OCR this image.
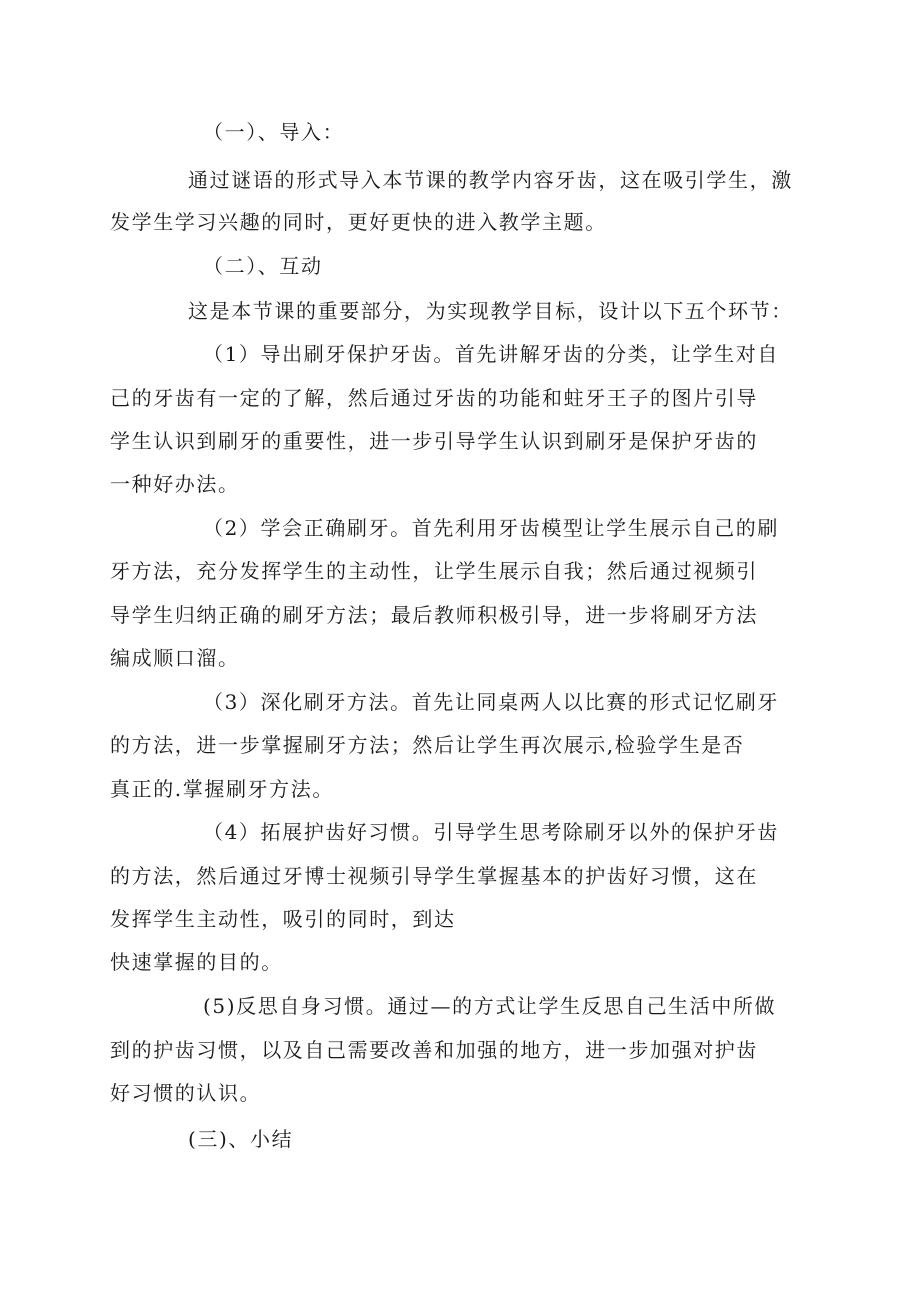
（一）、导入：

通过谜语的形式导入本节课的教学内容牙齿，这在吸引学生，激

发学生学习兴趣的同时，更好更快的进入教学主题。

（二）、互动

这是本节课的重要部分，为实现教学目标，设计以下五个环节：

（1）导出刷牙保护牙齿。首先讲解牙齿的分类，让学生对自

己的牙齿有一定的了解，然后通过牙齿的功能和蛀牙王子的图片引导

学生认识到刷牙的重要性，进一步引导学生认识到刷牙是保护牙齿的

一种好办法。

（2）学会正确刷牙。首先利用牙齿模型让学生展示自己的刷

牙方法，充分发挥学生的主动性，让学生展示自我；然后通过视频引

导学生归纳正确的刷牙方法；最后教师积极引导，进一步将刷牙方法

编成顺口溜。

（3）深化刷牙方法。首先让同桌两人以比赛的形式记忆刷牙

的方法，进一步掌握刷牙方法；然后让学生再次展示,检验学生是否

真正的.掌握刷牙方法。

（4）拓展护齿好习惯。引导学生思考除刷牙以外的保护牙齿

的方法，然后通过牙博士视频引导学生掌握基本的护齿好习惯，这在

发挥学生主动性，吸引的同时，到达

快速掌握的目的。

(5)反思自身习惯。通过—的方式让学生反思自己生活中所做

到的护齿习惯，以及自己需要改善和加强的地方，进一步加强对护齿

好习惯的认识。

(三)、小结
